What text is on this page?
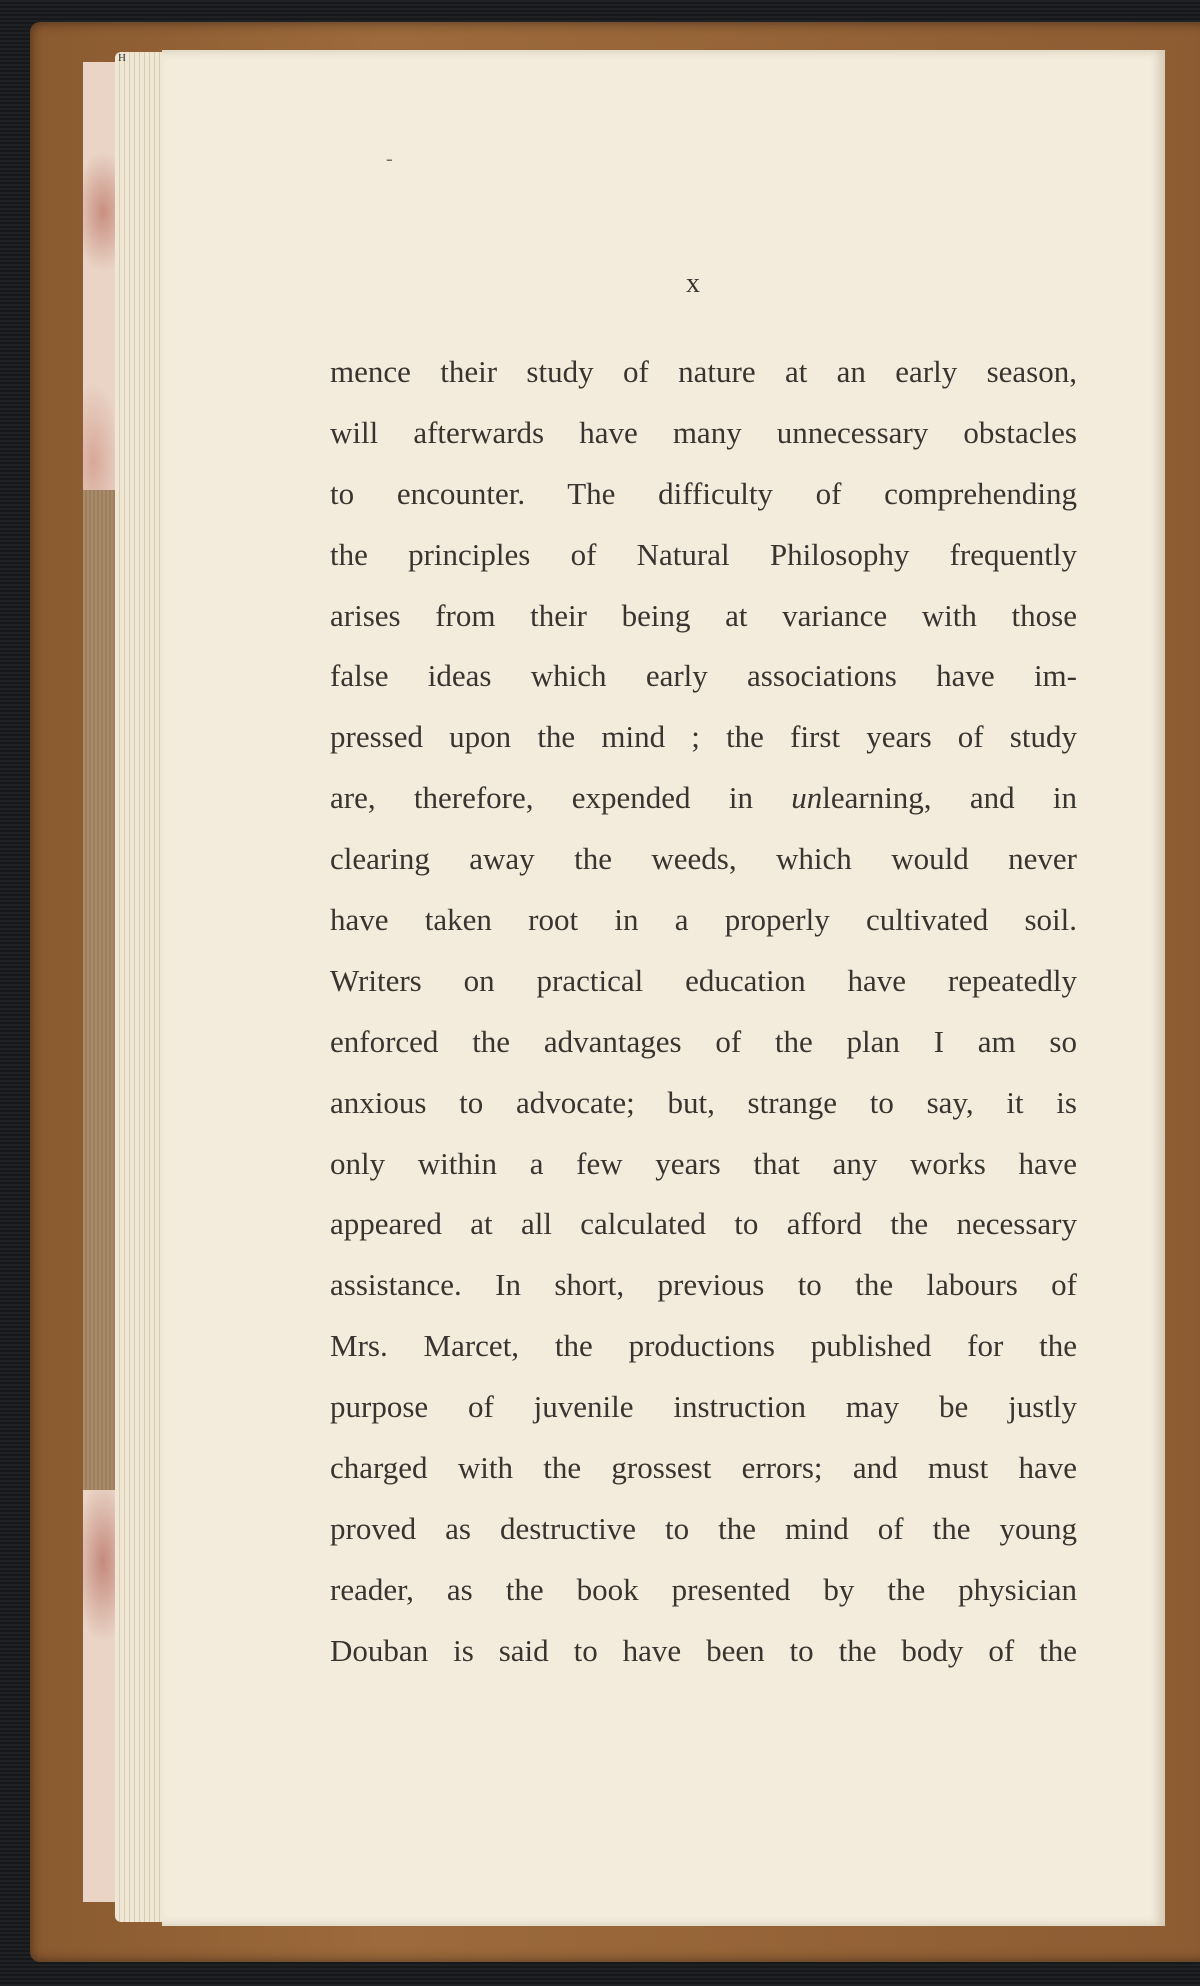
H
-
x
mence their study of nature at an early season,
will afterwards have many unnecessary obstacles
to encounter. The difficulty of comprehending
the principles of Natural Philosophy frequently
arises from their being at variance with those
false ideas which early associations have im-
pressed upon the mind ; the first years of study
are, therefore, expended in unlearning, and in
clearing away the weeds, which would never
have taken root in a properly cultivated soil.
Writers on practical education have repeatedly
enforced the advantages of the plan I am so
anxious to advocate; but, strange to say, it is
only within a few years that any works have
appeared at all calculated to afford the necessary
assistance. In short, previous to the labours of
Mrs. Marcet, the productions published for the
purpose of juvenile instruction may be justly
charged with the grossest errors; and must have
proved as destructive to the mind of the young
reader, as the book presented by the physician
Douban is said to have been to the body of the
